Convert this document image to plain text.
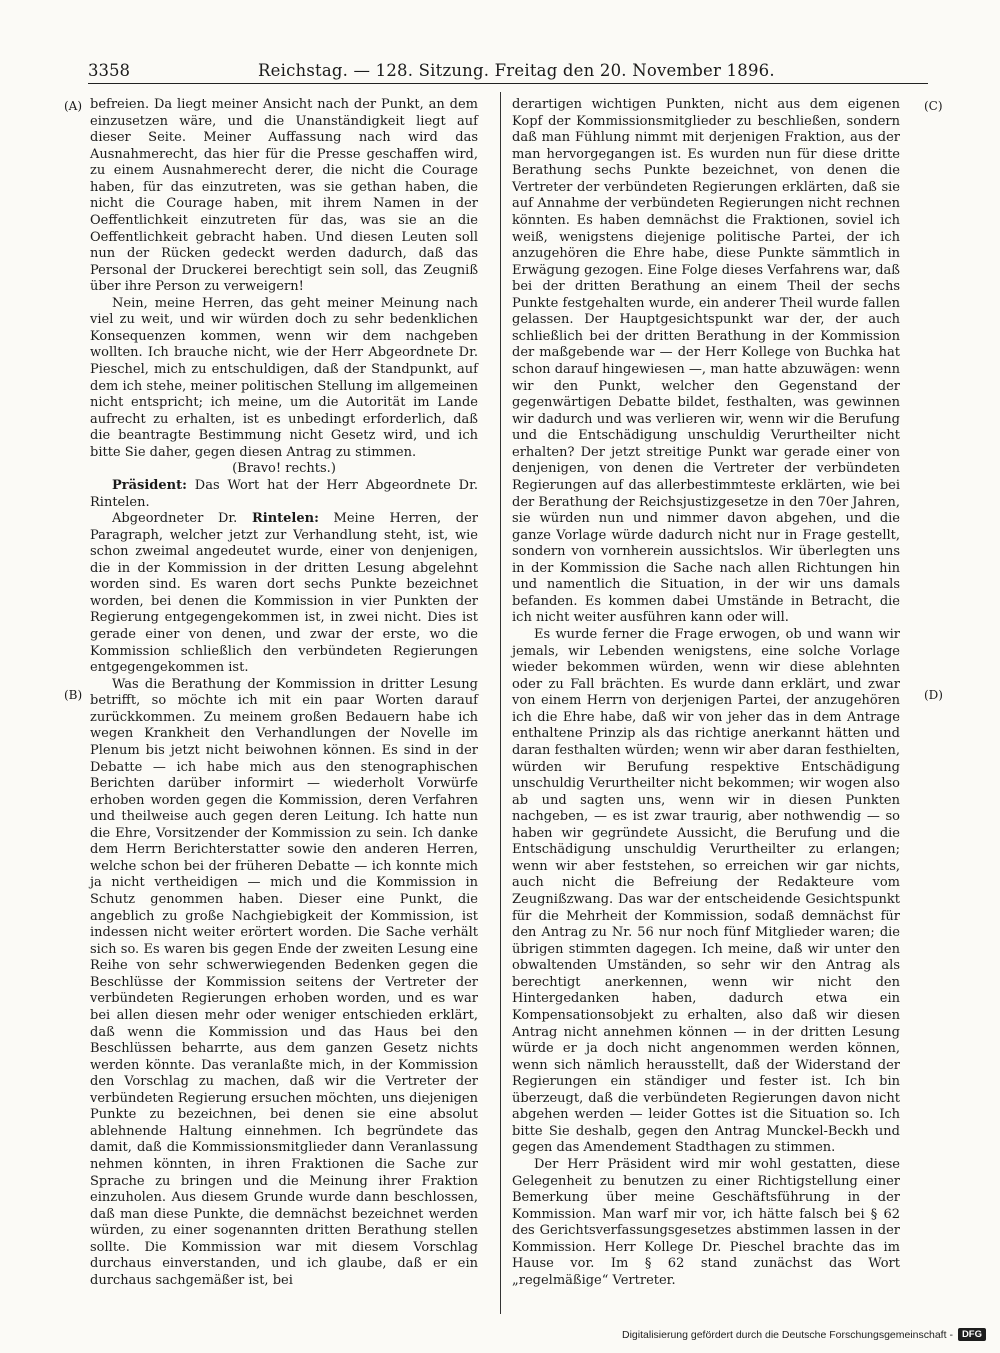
3358	Reichstag. — 128. Sitzung. Freitag den 20. November 1896.
(A)
(B)
(C)
(D)

befreien. Da liegt meiner Ansicht nach der Punkt, an dem einzusetzen wäre, und die Unanständigkeit liegt auf dieser Seite. Meiner Auffassung nach wird das Ausnahmerecht, das hier für die Presse geschaffen wird, zu einem Ausnahmerecht derer, die nicht die Courage haben, für das einzutreten, was sie gethan haben, die nicht die Courage haben, mit ihrem Namen in der Oeffentlichkeit einzutreten für das, was sie an die Oeffentlichkeit gebracht haben. Und diesen Leuten soll nun der Rücken gedeckt werden dadurch, daß das Personal der Druckerei berechtigt sein soll, das Zeugniß über ihre Person zu verweigern!

Nein, meine Herren, das geht meiner Meinung nach viel zu weit, und wir würden doch zu sehr bedenklichen Konsequenzen kommen, wenn wir dem nachgeben wollten. Ich brauche nicht, wie der Herr Abgeordnete Dr. Pieschel, mich zu entschuldigen, daß der Standpunkt, auf dem ich stehe, meiner politischen Stellung im allgemeinen nicht entspricht; ich meine, um die Autorität im Lande aufrecht zu erhalten, ist es unbedingt erforderlich, daß die beantragte Bestimmung nicht Gesetz wird, und ich bitte Sie daher, gegen diesen Antrag zu stimmen.

(Bravo! rechts.)

Präsident: Das Wort hat der Herr Abgeordnete Dr. Rintelen.

Abgeordneter Dr. Rintelen: Meine Herren, der Paragraph, welcher jetzt zur Verhandlung steht, ist, wie schon zweimal angedeutet wurde, einer von denjenigen, die in der Kommission in der dritten Lesung abgelehnt worden sind. Es waren dort sechs Punkte bezeichnet worden, bei denen die Kommission in vier Punkten der Regierung entgegengekommen ist, in zwei nicht. Dies ist gerade einer von denen, und zwar der erste, wo die Kommission schließlich den verbündeten Regierungen entgegengekommen ist.

Was die Berathung der Kommission in dritter Lesung betrifft, so möchte ich mit ein paar Worten darauf zurückkommen. Zu meinem großen Bedauern habe ich wegen Krankheit den Verhandlungen der Novelle im Plenum bis jetzt nicht beiwohnen können. Es sind in der Debatte — ich habe mich aus den stenographischen Berichten darüber informirt — wiederholt Vorwürfe erhoben worden gegen die Kommission, deren Verfahren und theilweise auch gegen deren Leitung. Ich hatte nun die Ehre, Vorsitzender der Kommission zu sein. Ich danke dem Herrn Berichterstatter sowie den anderen Herren, welche schon bei der früheren Debatte — ich konnte mich ja nicht vertheidigen — mich und die Kommission in Schutz genommen haben. Dieser eine Punkt, die angeblich zu große Nachgiebigkeit der Kommission, ist indessen nicht weiter erörtert worden. Die Sache verhält sich so. Es waren bis gegen Ende der zweiten Lesung eine Reihe von sehr schwerwiegenden Bedenken gegen die Beschlüsse der Kommission seitens der Vertreter der verbündeten Regierungen erhoben worden, und es war bei allen diesen mehr oder weniger entschieden erklärt, daß wenn die Kommission und das Haus bei den Beschlüssen beharrte, aus dem ganzen Gesetz nichts werden könnte. Das veranlaßte mich, in der Kommission den Vorschlag zu machen, daß wir die Vertreter der verbündeten Regierung ersuchen möchten, uns diejenigen Punkte zu bezeichnen, bei denen sie eine absolut ablehnende Haltung einnehmen. Ich begründete das damit, daß die Kommissionsmitglieder dann Veranlassung nehmen könnten, in ihren Fraktionen die Sache zur Sprache zu bringen und die Meinung ihrer Fraktion einzuholen. Aus diesem Grunde wurde dann beschlossen, daß man diese Punkte, die demnächst bezeichnet werden würden, zu einer sogenannten dritten Berathung stellen sollte. Die Kommission war mit diesem Vorschlag durchaus einverstanden, und ich glaube, daß er ein durchaus sachgemäßer ist, bei

derartigen wichtigen Punkten, nicht aus dem eigenen Kopf der Kommissionsmitglieder zu beschließen, sondern daß man Fühlung nimmt mit derjenigen Fraktion, aus der man hervorgegangen ist. Es wurden nun für diese dritte Berathung sechs Punkte bezeichnet, von denen die Vertreter der verbündeten Regierungen erklärten, daß sie auf Annahme der verbündeten Regierungen nicht rechnen könnten. Es haben demnächst die Fraktionen, soviel ich weiß, wenigstens diejenige politische Partei, der ich anzugehören die Ehre habe, diese Punkte sämmtlich in Erwägung gezogen. Eine Folge dieses Verfahrens war, daß bei der dritten Berathung an einem Theil der sechs Punkte festgehalten wurde, ein anderer Theil wurde fallen gelassen. Der Hauptgesichtspunkt war der, der auch schließlich bei der dritten Berathung in der Kommission der maßgebende war — der Herr Kollege von Buchka hat schon darauf hingewiesen —, man hatte abzuwägen: wenn wir den Punkt, welcher den Gegenstand der gegenwärtigen Debatte bildet, festhalten, was gewinnen wir dadurch und was verlieren wir, wenn wir die Berufung und die Entschädigung unschuldig Verurtheilter nicht erhalten? Der jetzt streitige Punkt war gerade einer von denjenigen, von denen die Vertreter der verbündeten Regierungen auf das allerbestimmteste erklärten, wie bei der Berathung der Reichsjustizgesetze in den 70er Jahren, sie würden nun und nimmer davon abgehen, und die ganze Vorlage würde dadurch nicht nur in Frage gestellt, sondern von vornherein aussichtslos. Wir überlegten uns in der Kommission die Sache nach allen Richtungen hin und namentlich die Situation, in der wir uns damals befanden. Es kommen dabei Umstände in Betracht, die ich nicht weiter ausführen kann oder will.

Es wurde ferner die Frage erwogen, ob und wann wir jemals, wir Lebenden wenigstens, eine solche Vorlage wieder bekommen würden, wenn wir diese ablehnten oder zu Fall brächten. Es wurde dann erklärt, und zwar von einem Herrn von derjenigen Partei, der anzugehören ich die Ehre habe, daß wir von jeher das in dem Antrage enthaltene Prinzip als das richtige anerkannt hätten und daran festhalten würden; wenn wir aber daran festhielten, würden wir Berufung respektive Entschädigung unschuldig Verurtheilter nicht bekommen; wir wogen also ab und sagten uns, wenn wir in diesen Punkten nachgeben, — es ist zwar traurig, aber nothwendig — so haben wir gegründete Aussicht, die Berufung und die Entschädigung unschuldig Verurtheilter zu erlangen; wenn wir aber feststehen, so erreichen wir gar nichts, auch nicht die Befreiung der Redakteure vom Zeugnißzwang. Das war der entscheidende Gesichtspunkt für die Mehrheit der Kommission, sodaß demnächst für den Antrag zu Nr. 56 nur noch fünf Mitglieder waren; die übrigen stimmten dagegen. Ich meine, daß wir unter den obwaltenden Umständen, so sehr wir den Antrag als berechtigt anerkennen, wenn wir nicht den Hintergedanken haben, dadurch etwa ein Kompensationsobjekt zu erhalten, also daß wir diesen Antrag nicht annehmen können — in der dritten Lesung würde er ja doch nicht angenommen werden können, wenn sich nämlich herausstellt, daß der Widerstand der Regierungen ein ständiger und fester ist. Ich bin überzeugt, daß die verbündeten Regierungen davon nicht abgehen werden — leider Gottes ist die Situation so. Ich bitte Sie deshalb, gegen den Antrag Munckel-Beckh und gegen das Amendement Stadthagen zu stimmen.

Der Herr Präsident wird mir wohl gestatten, diese Gelegenheit zu benutzen zu einer Richtigstellung einer Bemerkung über meine Geschäftsführung in der Kommission. Man warf mir vor, ich hätte falsch bei § 62 des Gerichtsverfassungsgesetzes abstimmen lassen in der Kommission. Herr Kollege Dr. Pieschel brachte das im Hause vor. Im § 62 stand zunächst das Wort „regelmäßige“ Vertreter.

Digitalisierung gefördert durch die Deutsche Forschungsgemeinschaft - DFG
